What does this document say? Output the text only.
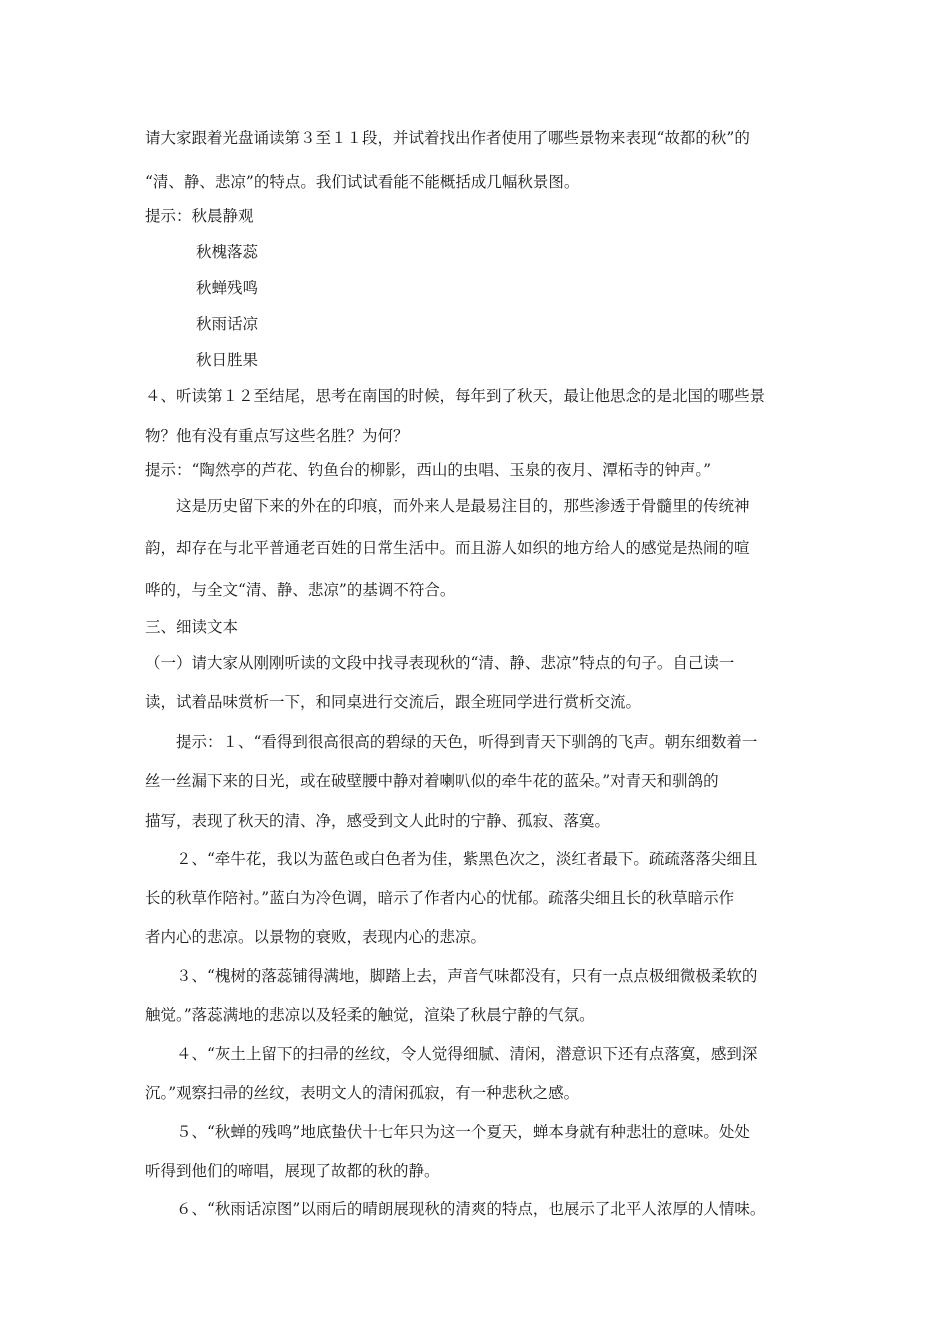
请大家跟着光盘诵读第３至１１段，并试着找出作者使用了哪些景物来表现“故都的秋”的
“清、静、悲凉”的特点。我们试试看能不能概括成几幅秋景图。
提示：秋晨静观
秋槐落蕊
秋蝉残鸣
秋雨话凉
秋日胜果
４、听读第１２至结尾，思考在南国的时候，每年到了秋天，最让他思念的是北国的哪些景
物？他有没有重点写这些名胜？为何？
提示：“陶然亭的芦花、钓鱼台的柳影，西山的虫唱、玉泉的夜月、潭柘寺的钟声。”
这是历史留下来的外在的印痕，而外来人是最易注目的，那些渗透于骨髓里的传统神
韵，却存在与北平普通老百姓的日常生活中。而且游人如织的地方给人的感觉是热闹的喧
哗的，与全文“清、静、悲凉”的基调不符合。
三、细读文本
（一）请大家从刚刚听读的文段中找寻表现秋的“清、静、悲凉”特点的句子。自己读一
读，试着品味赏析一下，和同桌进行交流后，跟全班同学进行赏析交流。
提示：１、“看得到很高很高的碧绿的天色，听得到青天下驯鸽的飞声。朝东细数着一
丝一丝漏下来的日光，或在破壁腰中静对着喇叭似的牵牛花的蓝朵。”对青天和驯鸽的
描写，表现了秋天的清、净，感受到文人此时的宁静、孤寂、落寞。
２、“牵牛花，我以为蓝色或白色者为佳，紫黑色次之，淡红者最下。疏疏落落尖细且
长的秋草作陪衬。”蓝白为冷色调，暗示了作者内心的忧郁。疏落尖细且长的秋草暗示作
者内心的悲凉。以景物的衰败，表现内心的悲凉。
３、“槐树的落蕊铺得满地，脚踏上去，声音气味都没有，只有一点点极细微极柔软的
触觉。”落蕊满地的悲凉以及轻柔的触觉，渲染了秋晨宁静的气氛。
４、“灰土上留下的扫帚的丝纹，令人觉得细腻、清闲，潜意识下还有点落寞，感到深
沉。”观察扫帚的丝纹，表明文人的清闲孤寂，有一种悲秋之感。
５、“秋蝉的残鸣”地底蛰伏十七年只为这一个夏天，蝉本身就有种悲壮的意味。处处
听得到他们的啼唱，展现了故都的秋的静。
６、“秋雨话凉图”以雨后的晴朗展现秋的清爽的特点，也展示了北平人浓厚的人情味。
